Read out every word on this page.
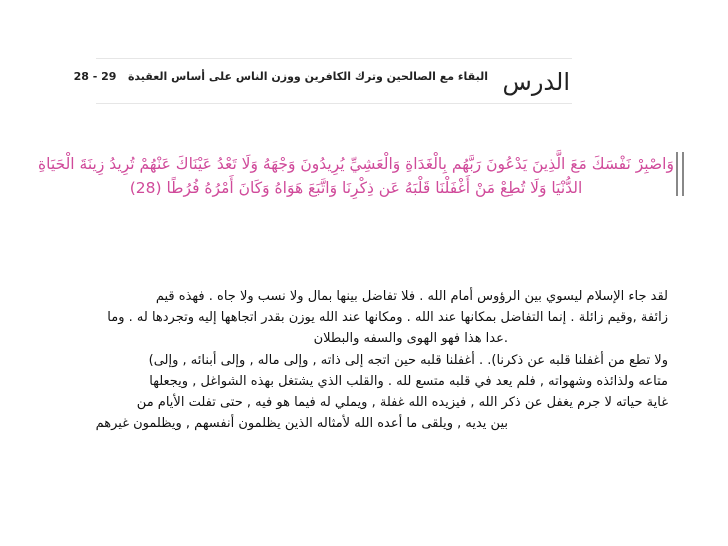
الدرس
البقاء مع الصالحين وترك الكافرين ووزن الناس على أساس العقيدة   28 - 29
وَاصْبِرْ نَفْسَكَ مَعَ الَّذِينَ يَدْعُونَ رَبَّهُم بِالْغَدَاةِ وَالْعَشِيِّ يُرِيدُونَ وَجْهَهُ وَلَا تَعْدُ عَيْنَاكَ عَنْهُمْ تُرِيدُ زِينَةَ الْحَيَاةِ
الدُّنْيَا وَلَا تُطِعْ مَنْ أَغْفَلْنَا قَلْبَهُ عَن ذِكْرِنَا وَاتَّبَعَ هَوَاهُ وَكَانَ أَمْرُهُ فُرُطًا (28)
لقد جاء الإسلام ليسوي بين الرؤوس أمام الله . فلا تفاضل بينها بمال ولا نسب ولا جاه . فهذه قيم
زائفة ,وقيم زائلة . إنما التفاضل بمكانها عند الله . ومكانها عند الله يوزن بقدر اتجاهها إليه وتجردها له . وما
.عدا هذا فهو الهوى والسفه والبطلان
ولا تطع من أغفلنا قلبه عن ذكرنا). . أغفلنا قلبه حين اتجه إلى ذاته , وإلى ماله , وإلى أبنائه , وإلى)
متاعه ولذائذه وشهواته , فلم يعد في قلبه متسع لله . والقلب الذي يشتغل بهذه الشواغل , ويجعلها
غاية حياته لا جرم يغفل عن ذكر الله , فيزيده الله غفلة , ويملي له فيما هو فيه , حتى تفلت الأيام من
بين يديه , ويلقى ما أعده الله لأمثاله الذين يظلمون أنفسهم , ويظلمون غيرهم
